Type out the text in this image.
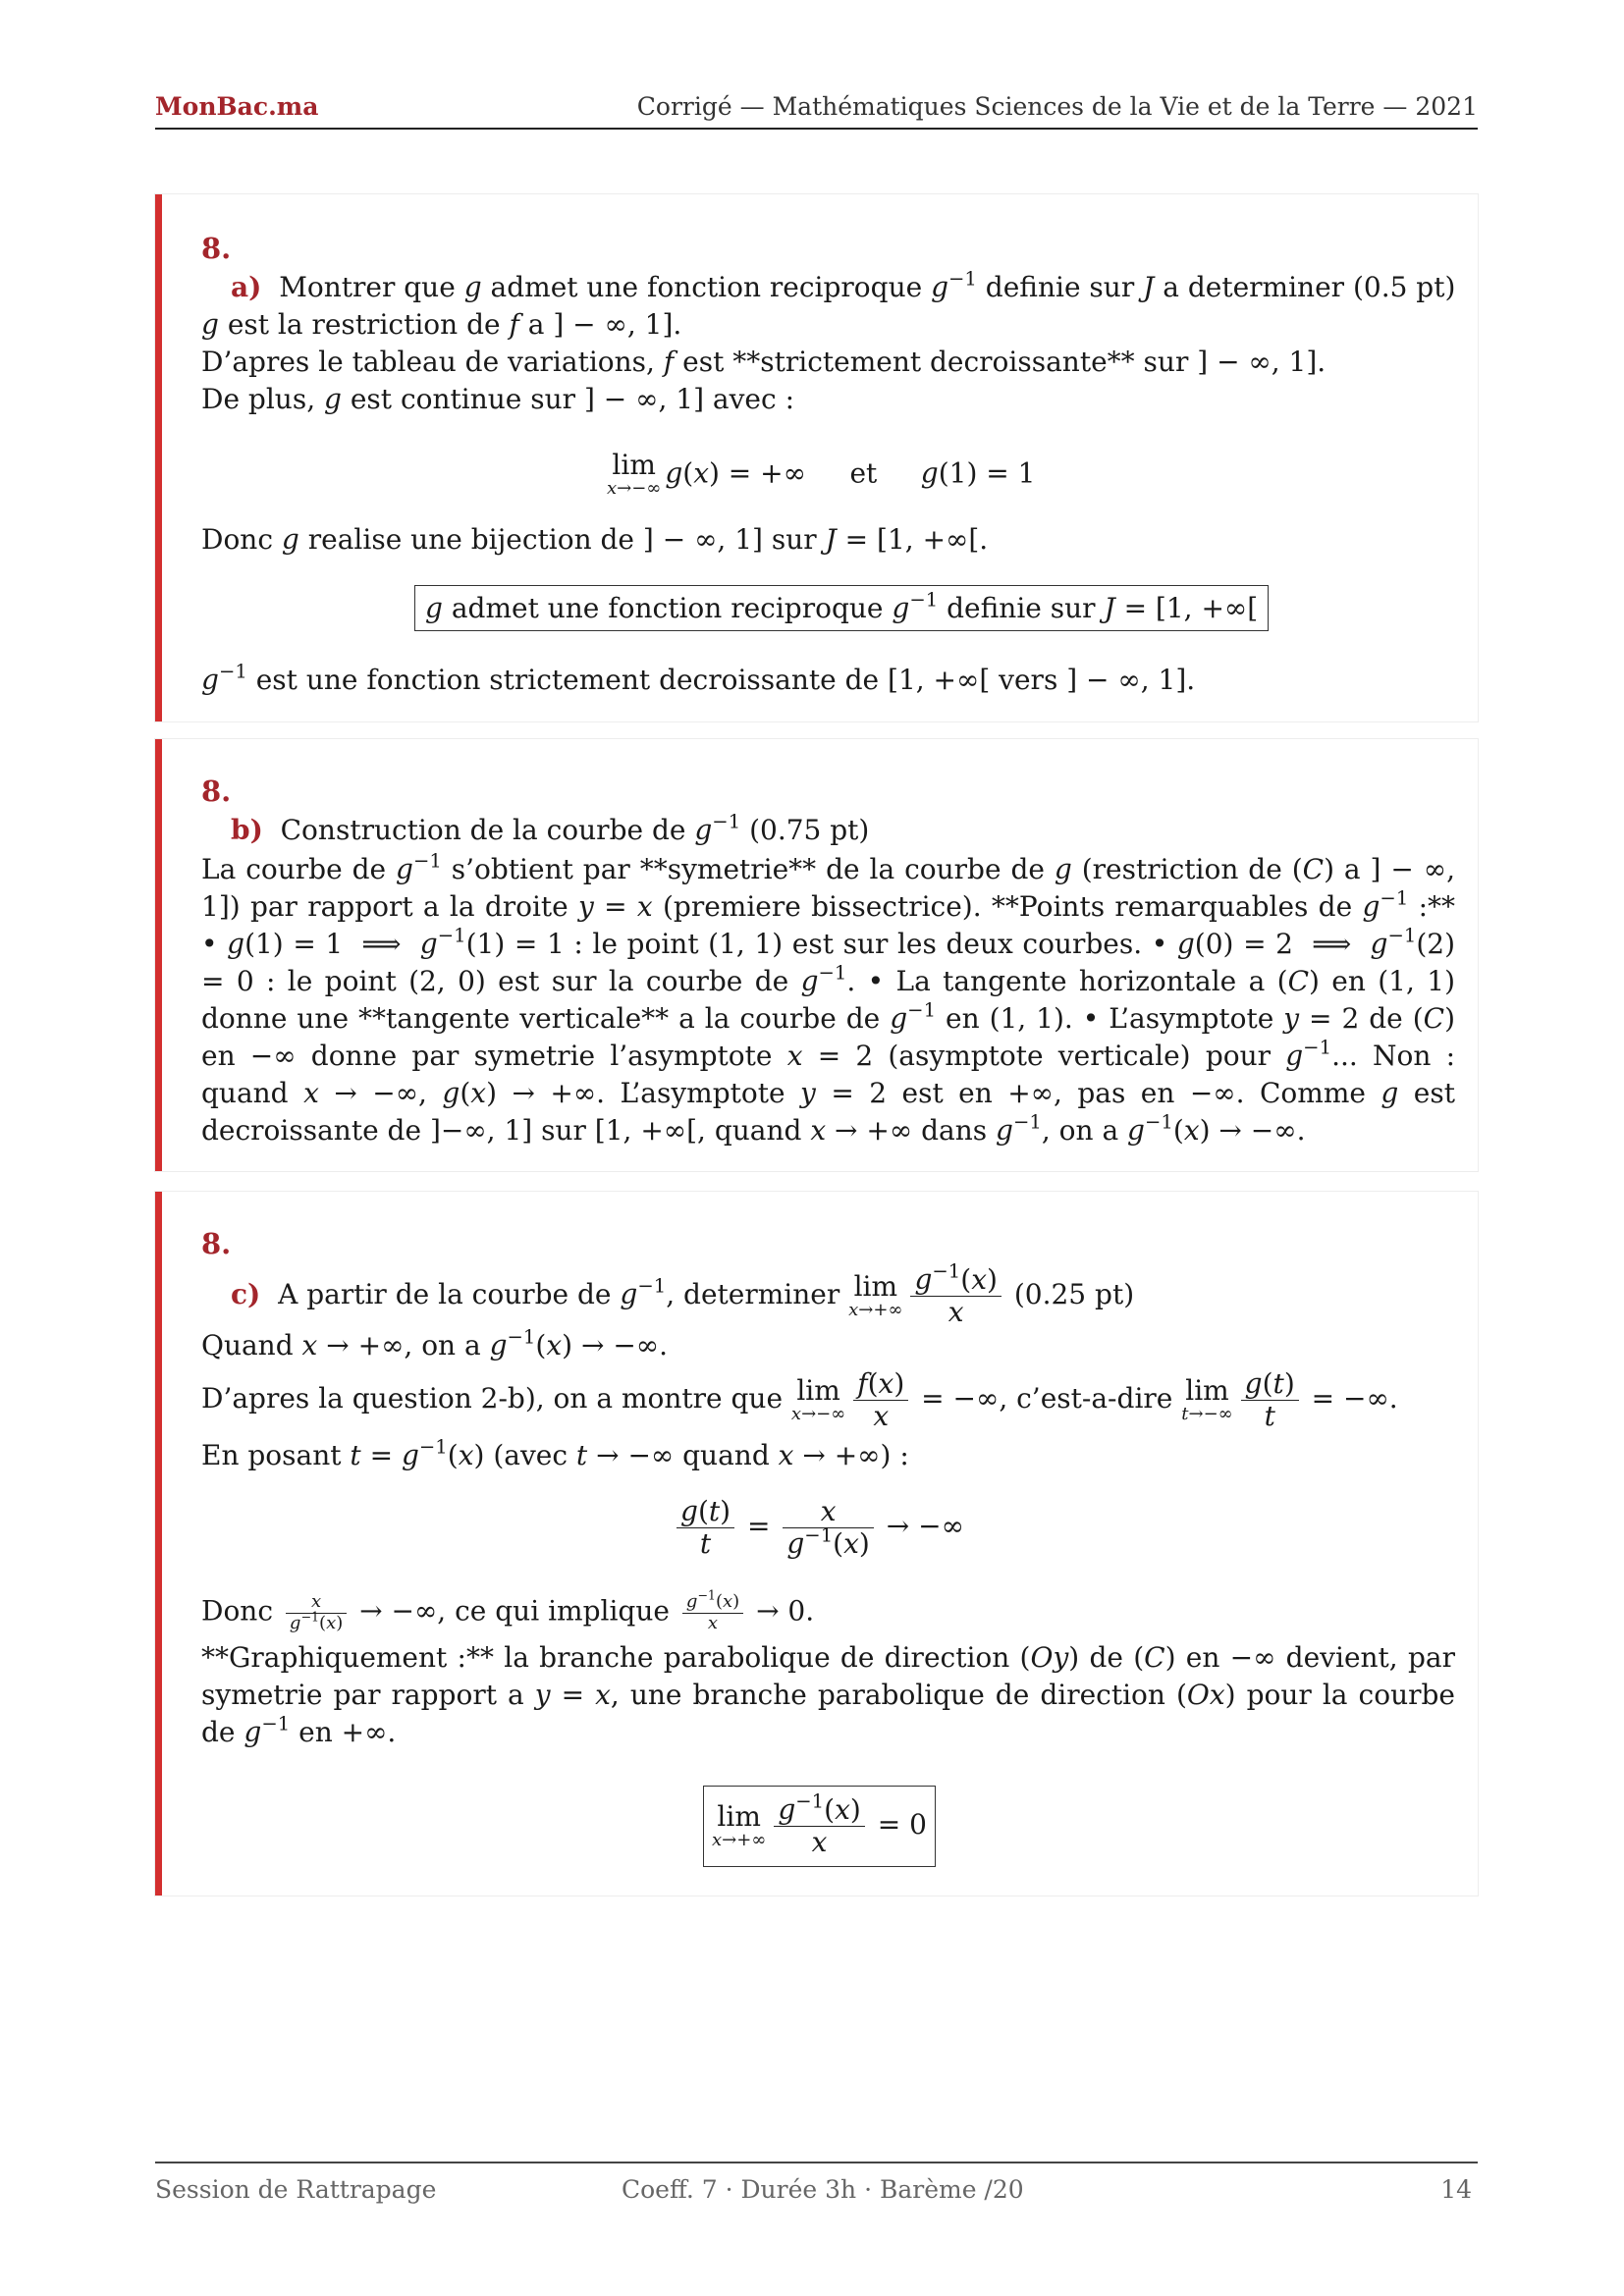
MonBac.ma	Corrigé — Mathématiques Sciences de la Vie et de la Terre — 2021
8.
a) Montrer que g admet une fonction reciproque $g^{-1}$ definie sur J a determiner (0.5 pt)
g est la restriction de f a ] − ∞, 1].
D’apres le tableau de variations, f est **strictement decroissante** sur ] − ∞, 1].
De plus, g est continue sur ] − ∞, 1] avec :
lim
x→−∞ g(x) = +∞     et     g(1) = 1
Donc g realise une bijection de ] − ∞, 1] sur J = [1, +∞[.
g admet une fonction reciproque $g^{-1}$ definie sur J = [1, +∞[
$g^{-1}$ est une fonction strictement decroissante de [1, +∞[ vers ] − ∞, 1].
8.
b)  Construction de la courbe de $g^{-1}$ (0.75 pt)
La courbe de $g^{-1}$ s’obtient par **symetrie** de la courbe de g (restriction de (C) a ] − ∞, 1]) par rapport a la droite y = x (premiere bissectrice). **Points remarquables de $g^{-1}$ :** • g(1) = 1  ⟹  $g^{-1}(1) = 1$ : le point (1, 1) est sur les deux courbes. • g(0) = 2  ⟹  $g^{-1}(2) = 0$ : le point (2, 0) est sur la courbe de $g^{-1}$. • La tangente horizontale a (C) en (1, 1) donne une **tangente verticale** a la courbe de $g^{-1}$ en (1, 1). • L’asymptote y = 2 de (C) en −∞ donne par symetrie l’asymptote x = 2 (asymptote verticale) pour $g^{-1}$... Non : quand x → −∞, g(x) → +∞. L’asymptote y = 2 est en +∞, pas en −∞. Comme g est decroissante de ]−∞, 1] sur [1, +∞[, quand x → +∞ dans $g^{-1}$, on a $g^{-1}(x)$ → −∞.
8.
c)  A partir de la courbe de $g^{-1}$, determiner lim
$x\to+\infty \frac{g^{-1}(x)}{x} (0.25$ pt)
Quand x → +∞, on a $g^{-1}(x)$ → −∞.
D’apres la question 2-b), on a montre que lim
$x\to-\infty \frac{f(x)}{x}$ = −∞, c’est-a-dire lim
$t\to-\infty \frac{g(t)}{t}$ = −∞.
En posant $t = g^{-1}(x)$ (avec t → −∞ quand x → +∞) :
$\frac{g(t)}{t} = \frac{x}{g^{-1}(x)}$ → −∞
Donc $\frac{x}{g^{-1}(x)}$ → −∞, ce qui implique $\frac{g^{-1}(x)}{x} \to 0$.
**Graphiquement :** la branche parabolique de direction (Oy) de (C) en −∞ devient, par symetrie par rapport a y = x, une branche parabolique de direction (Ox) pour la courbe de $g^{-1}$ en +∞.
lim
$x\to+\infty \frac{g^{-1}(x)}{x} = 0$
Session de Rattrapage	Coeff. 7 · Durée 3h · Barème /20	14
